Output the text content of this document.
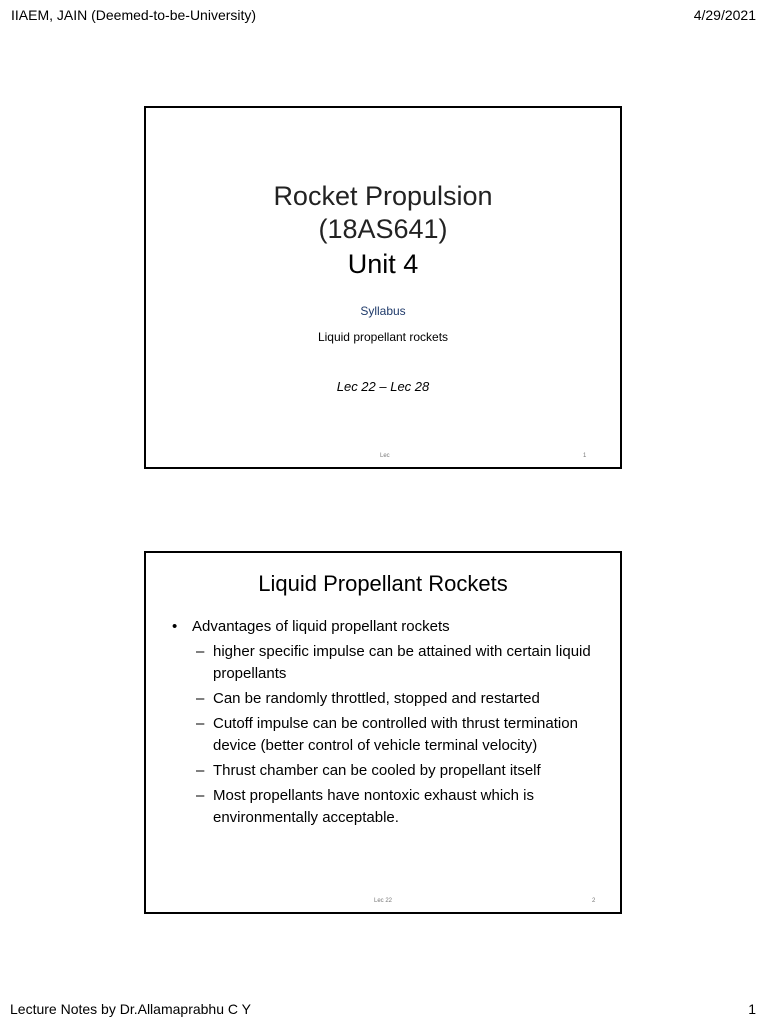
IIAEM, JAIN (Deemed-to-be-University)	4/29/2021
Rocket Propulsion
(18AS641)
Unit 4
Syllabus
Liquid propellant rockets
Lec 22 – Lec 28
Lec	1
Liquid Propellant Rockets
• Advantages of liquid propellant rockets
– higher specific impulse can be attained with certain liquid propellants
– Can be randomly throttled, stopped and restarted
– Cutoff impulse can be controlled with thrust termination device (better control of vehicle terminal velocity)
– Thrust chamber can be cooled by propellant itself
– Most propellants have nontoxic exhaust which is environmentally acceptable.
Lec 22	2
Lecture Notes by Dr.Allamaprabhu C Y	1
